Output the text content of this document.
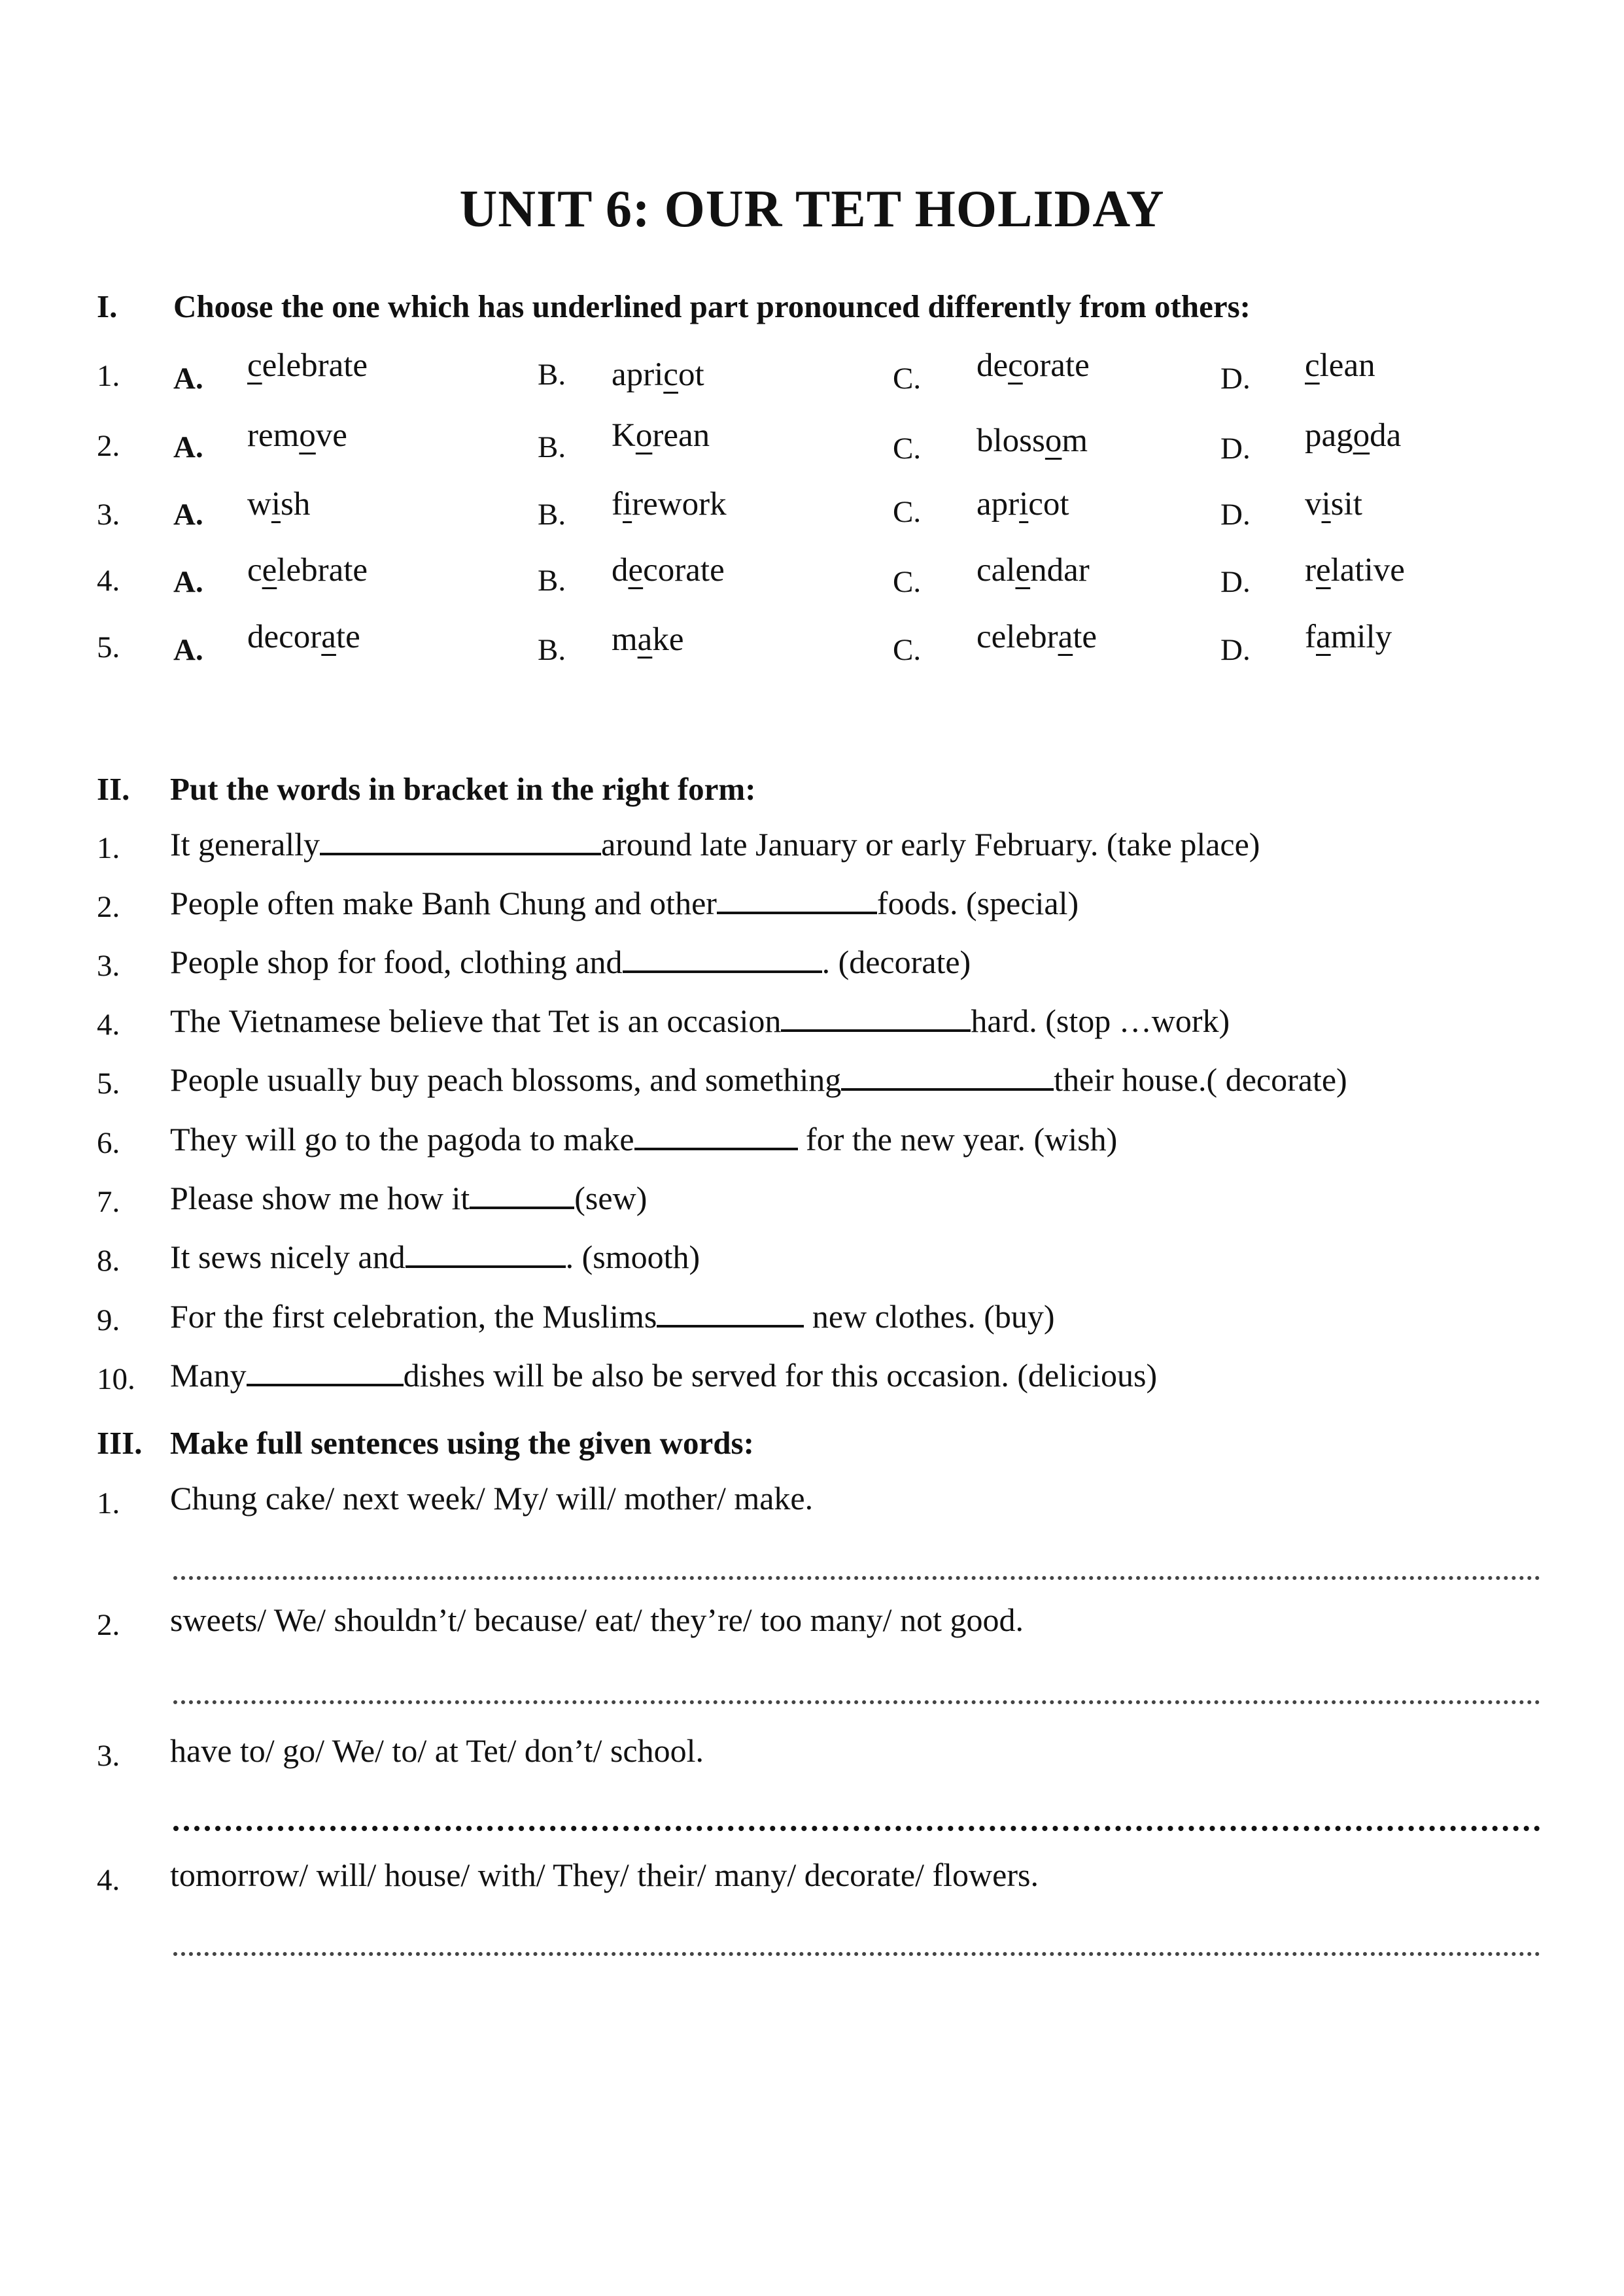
UNIT 6: OUR TET HOLIDAY
I. Choose the one which has underlined part pronounced differently from others:
1. A. celebrate	B. apricot	C. decorate	D. clean
2. A. remove	B. Korean	C. blossom	D. pagoda
3. A. wish	B. firework	C. apricot	D. visit
4. A. celebrate	B. decorate	C. calendar	D. relative
5. A. decorate	B. make	C. celebrate	D. family
II. Put the words in bracket in the right form:
1. It generally	around late January or early February. (take place)
2. People often make Banh Chung and other	foods. (special)
3. People shop for food, clothing and	. (decorate)
4. The Vietnamese believe that Tet is an occasion	hard. (stop …work)
5. People usually buy peach blossoms, and something	their house.( decorate)
6. They will go to the pagoda to make	for the new year. (wish)
7. Please show me how it	(sew)
8. It sews nicely and	. (smooth)
9. For the first celebration, the Muslims	new clothes. (buy)
10. Many	dishes will be also be served for this occasion. (delicious)
III. Make full sentences using the given words:
1. Chung cake/ next week/ My/ will/ mother/ make.
2. sweets/ We/ shouldn’t/ because/ eat/ they’re/ too many/ not good.
3. have to/ go/ We/ to/ at Tet/ don’t/ school.
4. tomorrow/ will/ house/ with/ They/ their/ many/ decorate/ flowers.
